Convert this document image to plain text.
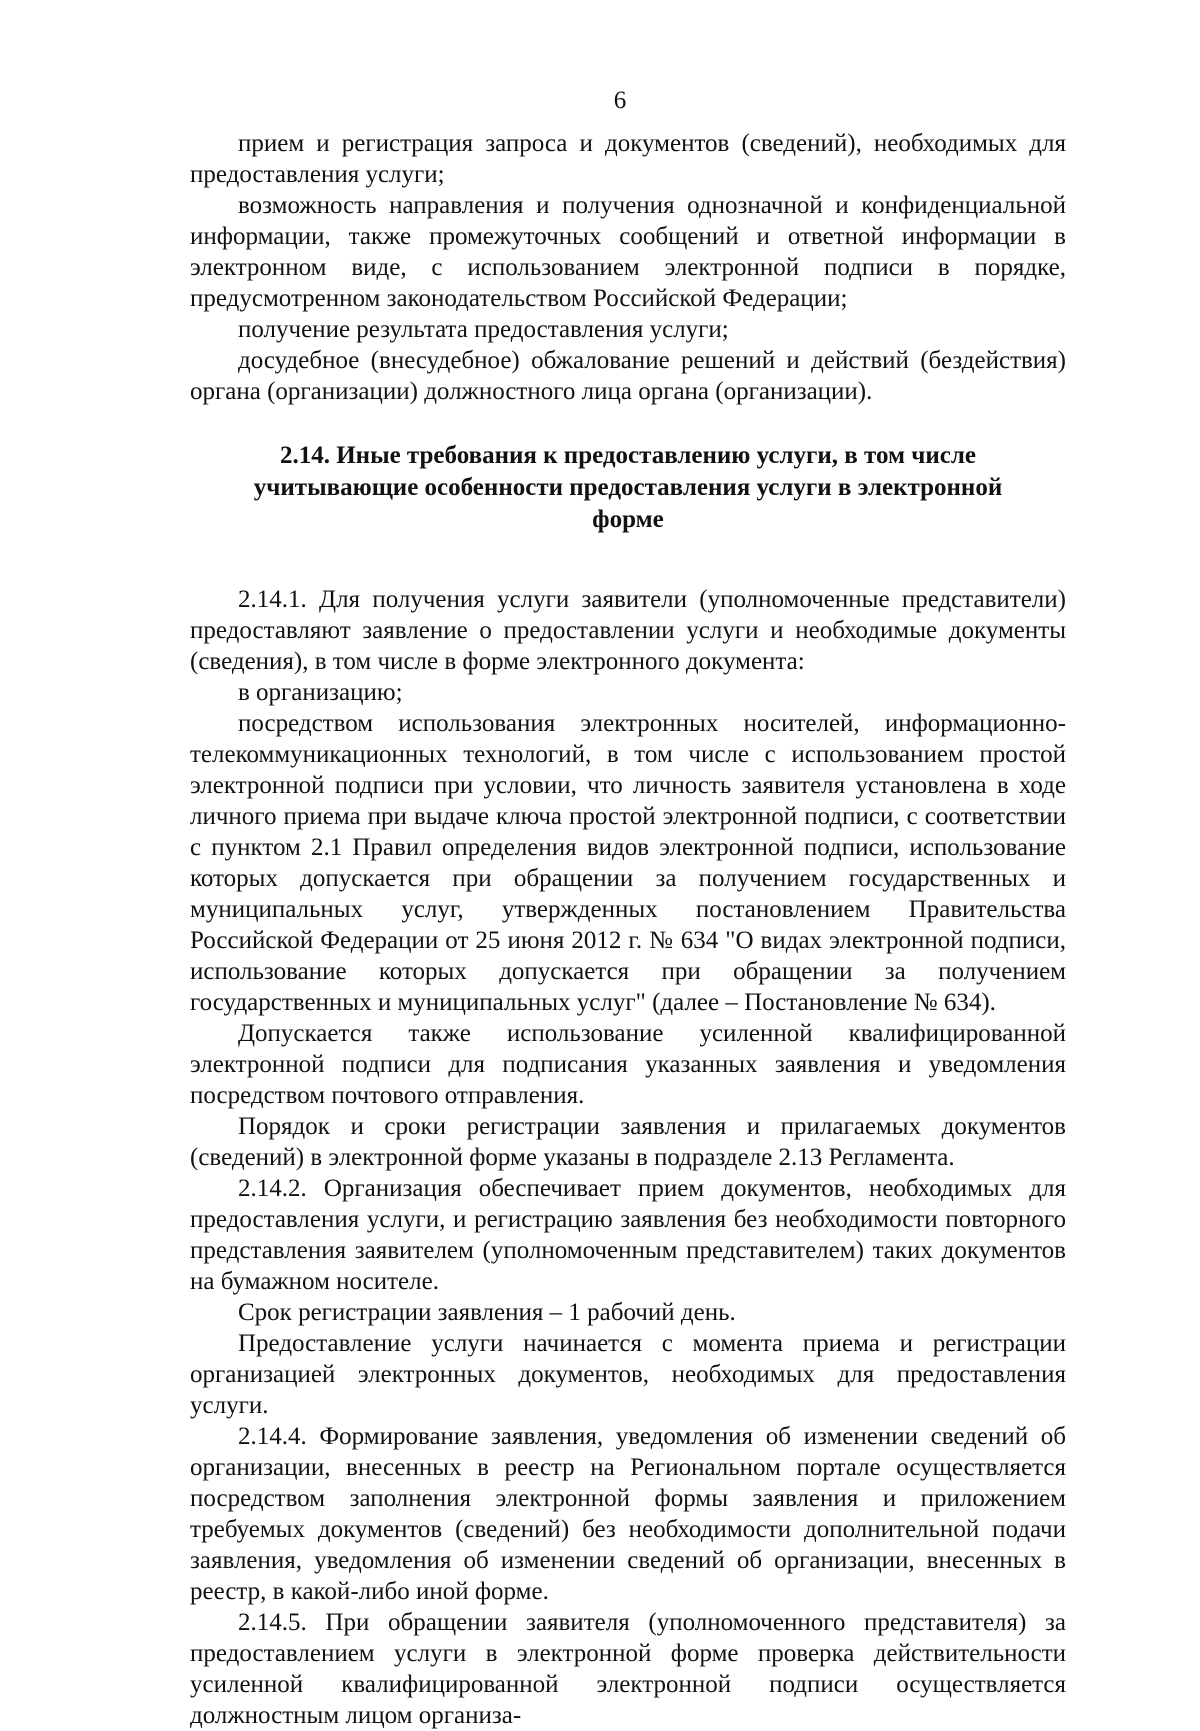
6

прием и регистрация запроса и документов (сведений), необходимых для предоставления услуги;

возможность направления и получения однозначной и конфиденциальной информации, также промежуточных сообщений и ответной информации в электронном виде, с использованием электронной подписи в порядке, предусмотренном законодательством Российской Федерации;

получение результата предоставления услуги;

досудебное (внесудебное) обжалование решений и действий (бездействия) органа (организации) должностного лица органа (организации).

2.14. Иные требования к предоставлению услуги, в том числе учитывающие особенности предоставления услуги в электронной форме

2.14.1. Для получения услуги заявители (уполномоченные представители) предоставляют заявление о предоставлении услуги и необходимые документы (сведения), в том числе в форме электронного документа:

в организацию;

посредством использования электронных носителей, информационно-телекоммуникационных технологий, в том числе с использованием простой электронной подписи при условии, что личность заявителя установлена в ходе личного приема при выдаче ключа простой электронной подписи, с соответствии с пунктом 2.1 Правил определения видов электронной подписи, использование которых допускается при обращении за получением государственных и муниципальных услуг, утвержденных постановлением Правительства Российской Федерации от 25 июня 2012 г. № 634 "О видах электронной подписи, использование которых допускается при обращении за получением государственных и муниципальных услуг" (далее – Постановление № 634).

Допускается также использование усиленной квалифицированной электронной подписи для подписания указанных заявления и уведомления посредством почтового отправления.

Порядок и сроки регистрации заявления и прилагаемых документов (сведений) в электронной форме указаны в подразделе 2.13 Регламента.

2.14.2. Организация обеспечивает прием документов, необходимых для предоставления услуги, и регистрацию заявления без необходимости повторного представления заявителем (уполномоченным представителем) таких документов на бумажном носителе.

Срок регистрации заявления – 1 рабочий день.

Предоставление услуги начинается с момента приема и регистрации организацией электронных документов, необходимых для предоставления услуги.

2.14.4. Формирование заявления, уведомления об изменении сведений об организации, внесенных в реестр на Региональном портале осуществляется посредством заполнения электронной формы заявления и приложением требуемых документов (сведений) без необходимости дополнительной подачи заявления, уведомления об изменении сведений об организации, внесенных в реестр, в какой-либо иной форме.

2.14.5. При обращении заявителя (уполномоченного представителя) за предоставлением услуги в электронной форме проверка действительности усиленной квалифицированной электронной подписи осуществляется должностным лицом организа-
